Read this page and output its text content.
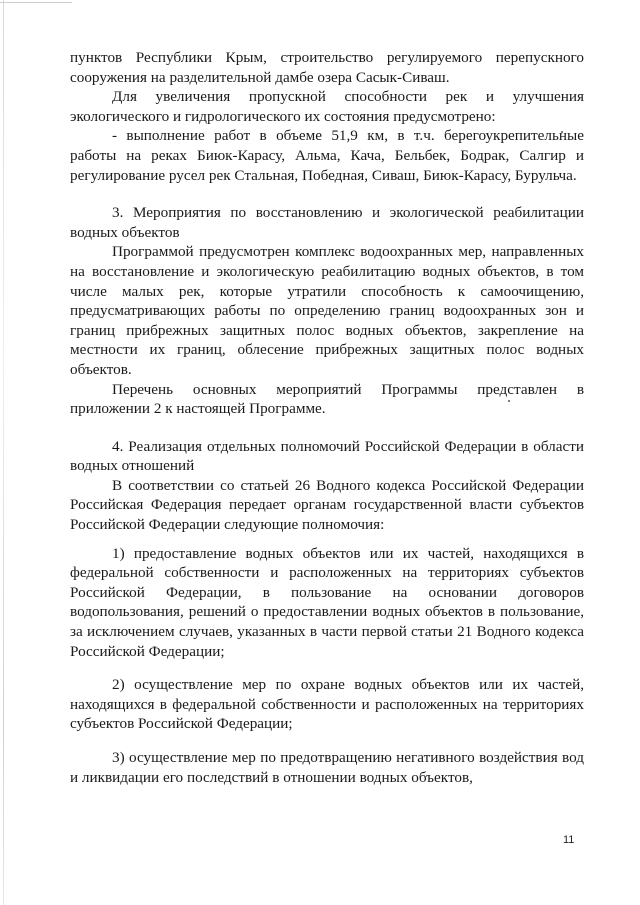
пунктов Республики Крым, строительство регулируемого перепускного сооружения на разделительной дамбе озера Сасык-Сиваш.

Для увеличения пропускной способности рек и улучшения экологического и гидрологического их состояния предусмотрено:

- выполнение работ в объеме 51,9 км, в т.ч. берегоукрепительные работы на реках Биюк-Карасу, Альма, Кача, Бельбек, Бодрак, Салгир и регулирование русел рек Стальная, Победная, Сиваш, Биюк-Карасу, Бурульча.

3. Мероприятия по восстановлению и экологической реабилитации водных объектов

Программой предусмотрен комплекс водоохранных мер, направленных на восстановление и экологическую реабилитацию водных объектов, в том числе малых рек, которые утратили способность к самоочищению, предусматривающих работы по определению границ водоохранных зон и границ прибрежных защитных полос водных объектов, закрепление на местности их границ, облесение прибрежных защитных полос водных объектов.

Перечень основных мероприятий Программы представлен в приложении 2 к настоящей Программе.

4. Реализация отдельных полномочий Российской Федерации в области водных отношений

В соответствии со статьей 26 Водного кодекса Российской Федерации Российская Федерация передает органам государственной власти субъектов Российской Федерации следующие полномочия:

1) предоставление водных объектов или их частей, находящихся в федеральной собственности и расположенных на территориях субъектов Российской Федерации, в пользование на основании договоров водопользования, решений о предоставлении водных объектов в пользование, за исключением случаев, указанных в части первой статьи 21 Водного кодекса Российской Федерации;

2) осуществление мер по охране водных объектов или их частей, находящихся в федеральной собственности и расположенных на территориях субъектов Российской Федерации;

3) осуществление мер по предотвращению негативного воздействия вод и ликвидации его последствий в отношении водных объектов,

11
